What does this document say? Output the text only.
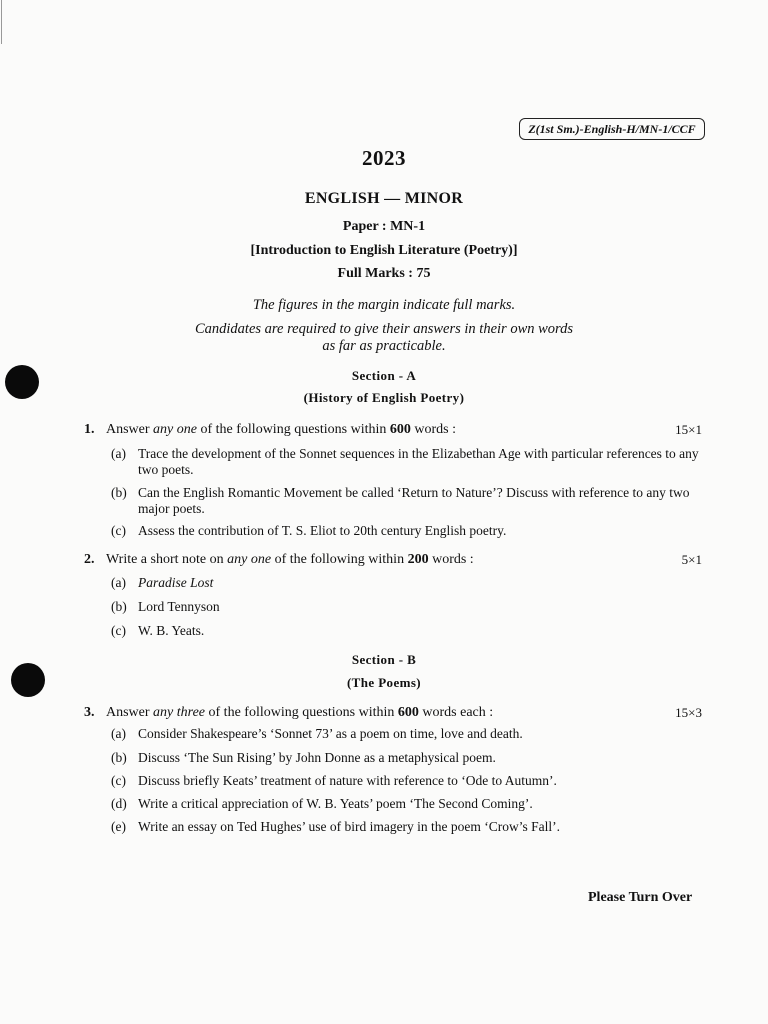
Z(1st Sm.)-English-H/MN-1/CCF
2023
ENGLISH — MINOR
Paper : MN-1
[Introduction to English Literature (Poetry)]
Full Marks : 75
The figures in the margin indicate full marks.
Candidates are required to give their answers in their own words
as far as practicable.
Section - A
(History of English Poetry)
1. Answer any one of the following questions within 600 words :	15×1
(a) Trace the development of the Sonnet sequences in the Elizabethan Age with particular references to any two poets.
(b) Can the English Romantic Movement be called ‘Return to Nature’? Discuss with reference to any two major poets.
(c) Assess the contribution of T. S. Eliot to 20th century English poetry.
2. Write a short note on any one of the following within 200 words :	5×1
(a) Paradise Lost
(b) Lord Tennyson
(c) W. B. Yeats.
Section - B
(The Poems)
3. Answer any three of the following questions within 600 words each :	15×3
(a) Consider Shakespeare’s ‘Sonnet 73’ as a poem on time, love and death.
(b) Discuss ‘The Sun Rising’ by John Donne as a metaphysical poem.
(c) Discuss briefly Keats’ treatment of nature with reference to ‘Ode to Autumn’.
(d) Write a critical appreciation of W. B. Yeats’ poem ‘The Second Coming’.
(e) Write an essay on Ted Hughes’ use of bird imagery in the poem ‘Crow’s Fall’.
Please Turn Over
